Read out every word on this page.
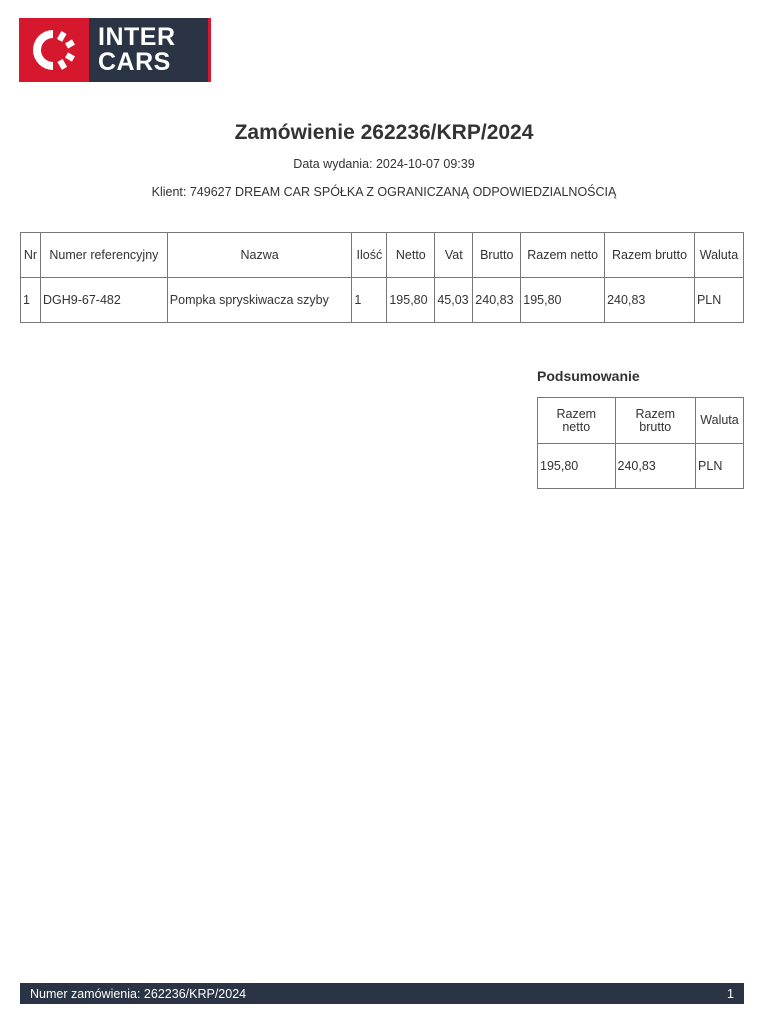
INTER
CARS
Zamówienie 262236/KRP/2024
Data wydania: 2024-10-07 09:39
Klient: 749627 DREAM CAR SPÓŁKA Z OGRANICZANĄ ODPOWIEDZIALNOŚCIĄ
Nr	Numer referencyjny	Nazwa	Ilość	Netto	Vat	Brutto	Razem netto	Razem brutto	Waluta
1	DGH9-67-482	Pompka spryskiwacza szyby	1	195,80	45,03	240,83	195,80	240,83	PLN
Podsumowanie
Razem netto	Razem brutto	Waluta
195,80	240,83	PLN
Numer zamówienia: 262236/KRP/2024	1
